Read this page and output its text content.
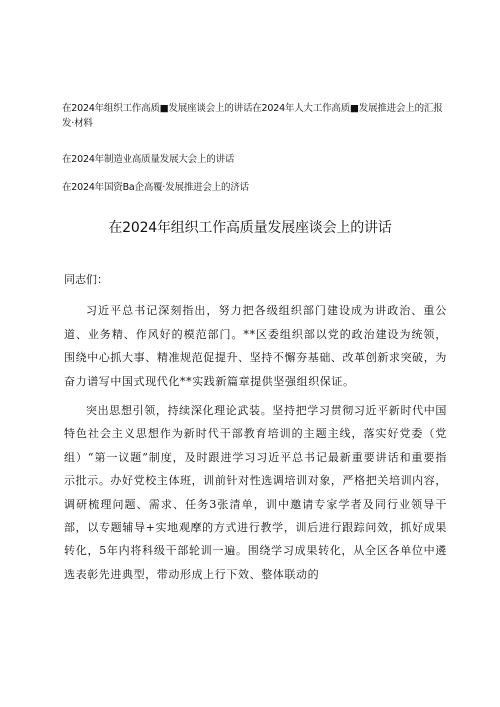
在2024年组织工作高质■发展座谈会上的讲话在2024年人大工作高质■发展推进会上的汇报发·材料

在2024年制造业高质量发展大会上的讲话

在2024年国资Ba企高覆·发展推进会上的济话

在2024年组织工作高质量发展座谈会上的讲话

同志们：

习近平总书记深刻指出，努力把各级组织部门建设成为讲政治、重公道、业务精、作风好的模范部门。**区委组织部以党的政治建设为统领，围绕中心抓大事、精准规范促提升、坚持不懈夯基础、改革创新求突破，为奋力谱写中国式现代化**实践新篇章提供坚强组织保证。

突出思想引领，持续深化理论武装。坚持把学习贯彻习近平新时代中国特色社会主义思想作为新时代干部教育培训的主题主线，落实好党委（党组）“第一议题”制度，及时跟进学习习近平总书记最新重要讲话和重要指示批示。办好党校主体班，训前针对性选调培训对象，严格把关培训内容，调研梳理问题、需求、任务3张清单，训中邀请专家学者及同行业领导干部，以专题辅导+实地观摩的方式进行教学，训后进行跟踪问效，抓好成果转化，5年内将科级干部轮训一遍。围绕学习成果转化，从全区各单位中遴选表彰先进典型，带动形成上行下效、整体联动的
